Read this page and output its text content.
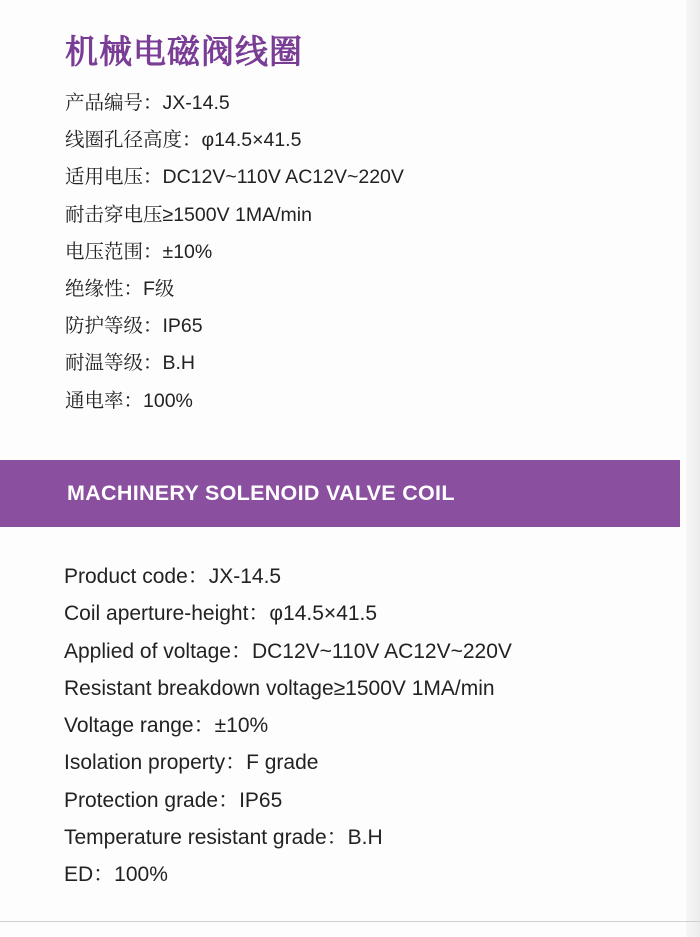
机械电磁阀线圈
产品编号：JX-14.5
线圈孔径高度：φ14.5×41.5
适用电压：DC12V~110V AC12V~220V
耐击穿电压≥1500V 1MA/min
电压范围：±10%
绝缘性：F级
防护等级：IP65
耐温等级：B.H
通电率：100%
MACHINERY SOLENOID VALVE COIL
Product code：JX-14.5
Coil aperture-height：φ14.5×41.5
Applied of voltage：DC12V~110V AC12V~220V
Resistant breakdown voltage≥1500V 1MA/min
Voltage range：±10%
Isolation property：F grade
Protection grade：IP65
Temperature resistant grade：B.H
ED：100%
